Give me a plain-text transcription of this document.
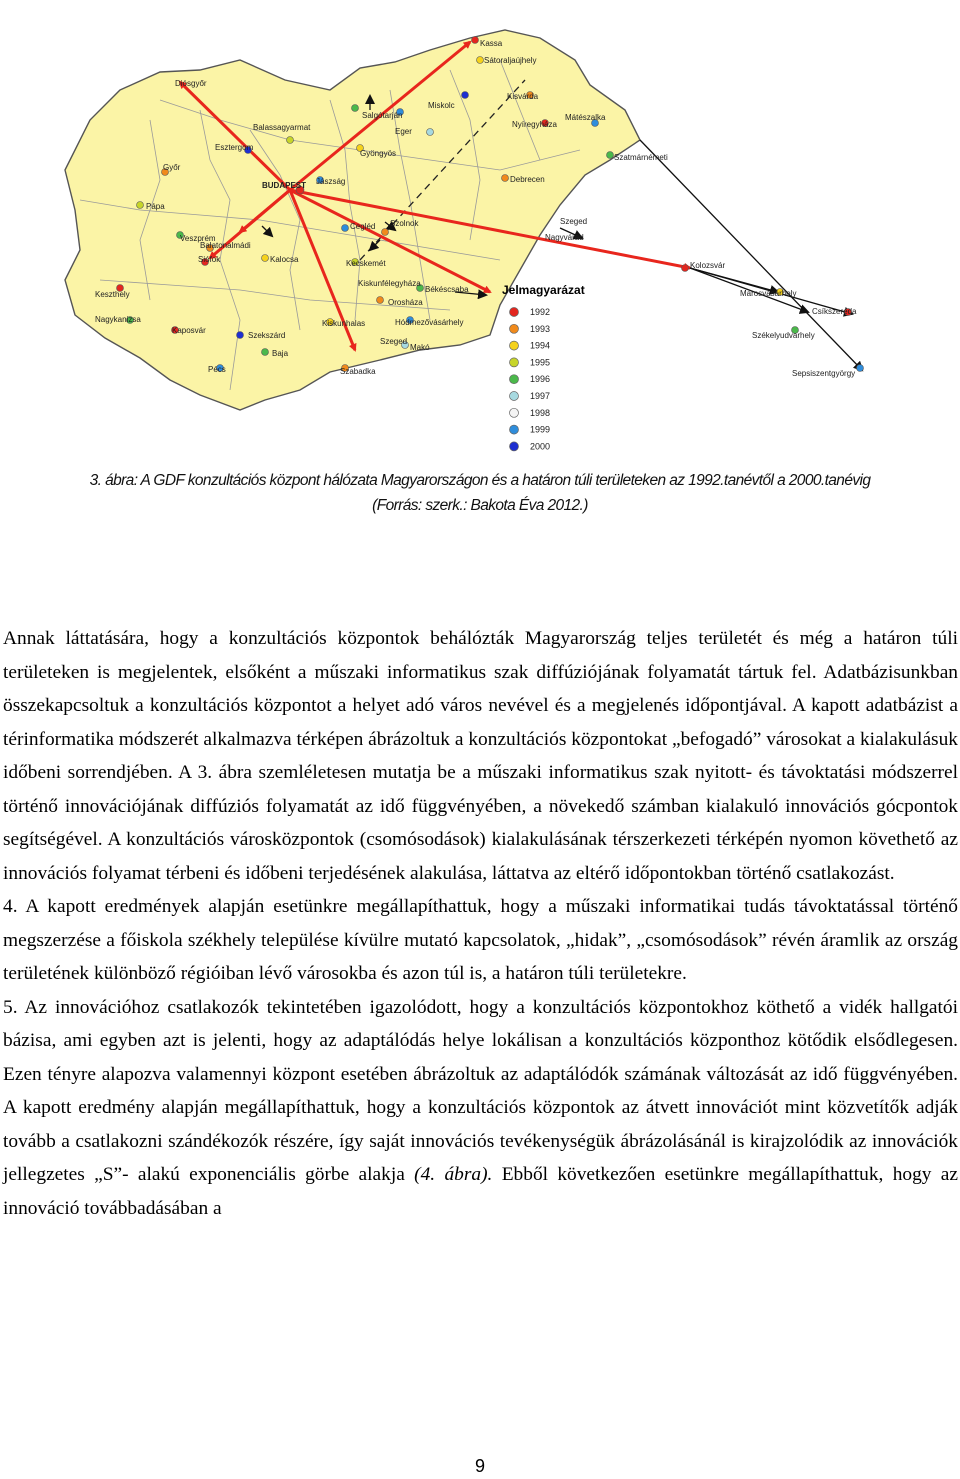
Diósgyőr
Sátoraljaújhely
Miskolc
Kisvárda
Balassagyarmat
Salgótarján
Nyíregyháza
Mátészalka
Esztergom
Eger
Gyöngyös	Szatmárnémeti
Győr
BUDAPEST Jászság	Debrecen
Pápa
Veszprém
Balatonalmádi
Siófok
Szolnok
Cegléd
Szeged
Nagyvárad
Keszthely
Kecskemét
Kalocsa
Kiskunfélegyháza
Békéscsaba
Orosháza
Nagykanizsa
Kaposvár
Szekszárd
Kiskunhalas	Hódmezővásárhely
Baja
Szeged
Makó
Pécs	Szabadka
Kolozsvár
Marosvásárhely
Csíkszereda
Székelyudvarhely
Sepsiszentgyörgy
Kassa
Jelmagyarázat
1992
1993
1994
1995
1996
1997
1998
1999
2000
3. ábra: A GDF konzultációs központ hálózata Magyarországon és a határon túli területeken az 1992.tanévtől a 2000.tanévig
(Forrás: szerk.: Bakota Éva 2012.)

Annak láttatására, hogy a konzultációs központok behálózták Magyarország teljes területét és még a határon túli területeken is megjelentek, elsőként a műszaki informatikus szak diffúziójának folyamatát tártuk fel. Adatbázisunkban összekapcsoltuk a konzultációs központot a helyet adó város nevével és a megjelenés időpontjával. A kapott adatbázist a térinformatika módszerét alkalmazva térképen ábrázoltuk a konzultációs központokat „befogadó” városokat a kialakulásuk időbeni sorrendjében. A 3. ábra szemléletesen mutatja be a műszaki informatikus szak nyitott- és távoktatási módszerrel történő innovációjának diffúziós folyamatát az idő függvényében, a növekedő számban kialakuló innovációs gócpontok segítségével. A konzultációs városközpontok (csomósodások) kialakulásának térszerkezeti térképén nyomon követhető az innovációs folyamat térbeni és időbeni terjedésének alakulása, láttatva az eltérő időpontokban történő csatlakozást.

4. A kapott eredmények alapján esetünkre megállapíthattuk, hogy a műszaki informatikai tudás távoktatással történő megszerzése a főiskola székhely települése kívülre mutató kapcsolatok, „hidak”, „csomósodások” révén áramlik az ország területének különböző régióiban lévő városokba és azon túl is, a határon túli területekre.

5. Az innovációhoz csatlakozók tekintetében igazolódott, hogy a konzultációs központokhoz köthető a vidék hallgatói bázisa, ami egyben azt is jelenti, hogy az adaptálódás helye lokálisan a konzultációs központhoz kötődik elsődlegesen. Ezen tényre alapozva valamennyi központ esetében ábrázoltuk az adaptálódók számának változását az idő függvényében. A kapott eredmény alapján megállapíthattuk, hogy a konzultációs központok az átvett innovációt mint közvetítők adják tovább a csatlakozni szándékozók részére, így saját innovációs tevékenységük ábrázolásánál is kirajzolódik az innovációk jellegzetes „S”- alakú exponenciális görbe alakja (4. ábra). Ebből következően esetünkre megállapíthattuk, hogy az innováció továbbadásában a

9
